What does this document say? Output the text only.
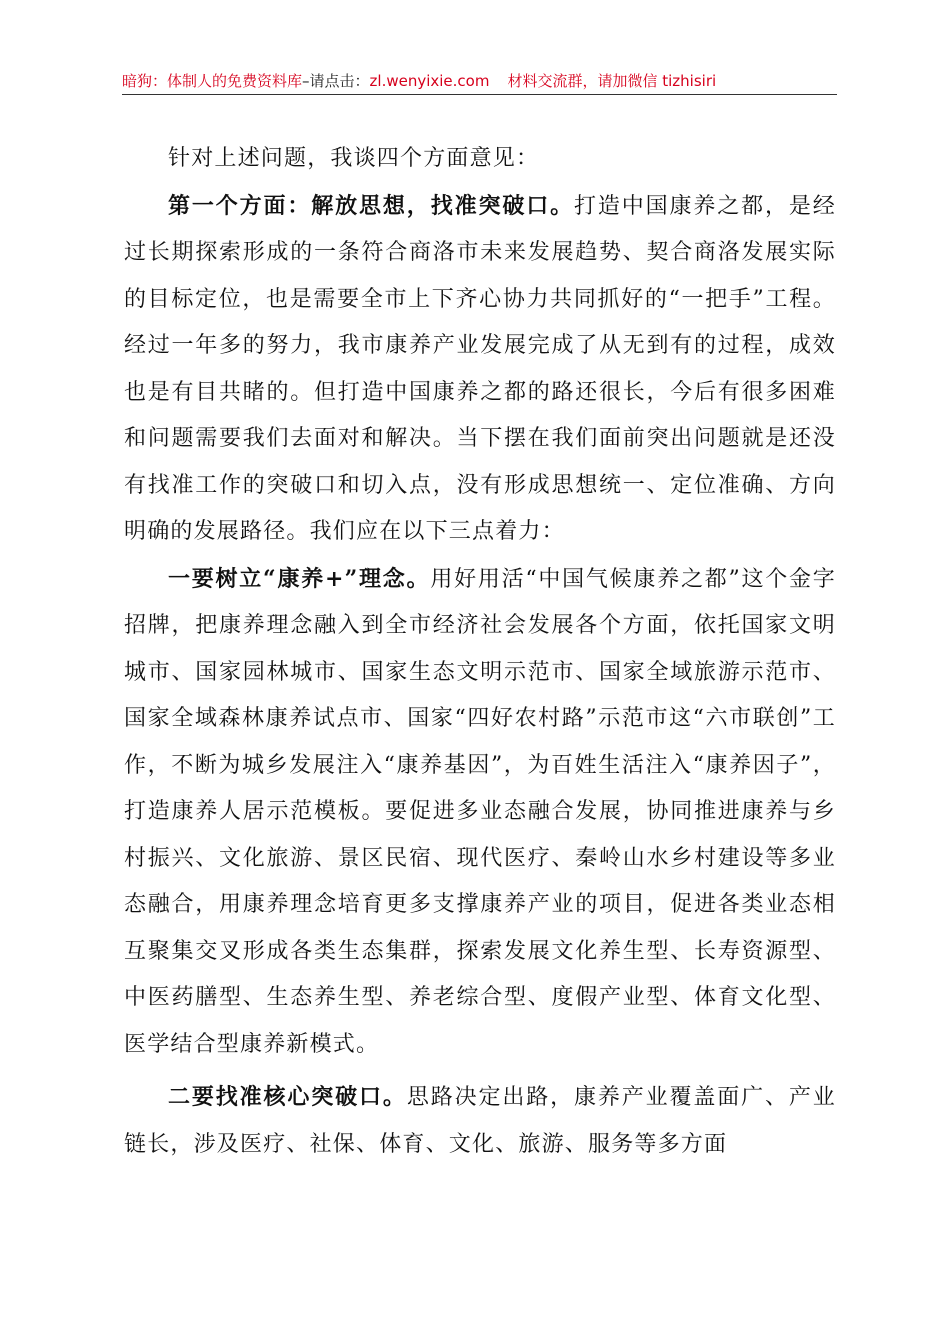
暗狗：体制人的免费资料库–请点击：zl.wenyixie.com 材料交流群，请加微信 tizhisiri

针对上述问题，我谈四个方面意见：

第一个方面：解放思想，找准突破口。打造中国康养之都，是经过长期探索形成的一条符合商洛市未来发展趋势、契合商洛发展实际的目标定位，也是需要全市上下齐心协力共同抓好的“一把手”工程。经过一年多的努力，我市康养产业发展完成了从无到有的过程，成效也是有目共睹的。但打造中国康养之都的路还很长，今后有很多困难和问题需要我们去面对和解决。当下摆在我们面前突出问题就是还没有找准工作的突破口和切入点，没有形成思想统一、定位准确、方向明确的发展路径。我们应在以下三点着力：

一要树立“康养+”理念。用好用活“中国气候康养之都”这个金字招牌，把康养理念融入到全市经济社会发展各个方面，依托国家文明城市、国家园林城市、国家生态文明示范市、国家全域旅游示范市、国家全域森林康养试点市、国家“四好农村路”示范市这“六市联创”工作，不断为城乡发展注入“康养基因”，为百姓生活注入“康养因子”，打造康养人居示范模板。要促进多业态融合发展，协同推进康养与乡村振兴、文化旅游、景区民宿、现代医疗、秦岭山水乡村建设等多业态融合，用康养理念培育更多支撑康养产业的项目，促进各类业态相互聚集交叉形成各类生态集群，探索发展文化养生型、长寿资源型、中医药膳型、生态养生型、养老综合型、度假产业型、体育文化型、医学结合型康养新模式。

二要找准核心突破口。思路决定出路，康养产业覆盖面广、产业链长，涉及医疗、社保、体育、文化、旅游、服务等多方面
